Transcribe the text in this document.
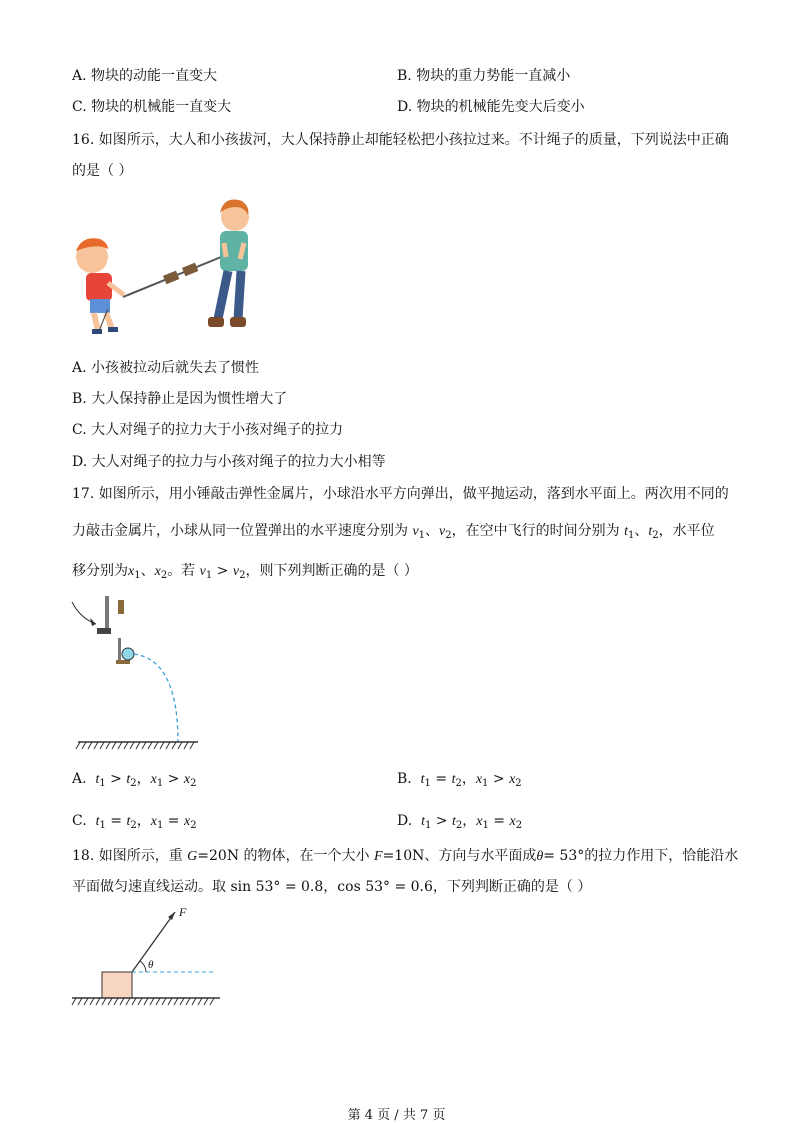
A. 物块的动能一直变大	B. 物块的重力势能一直减小
C. 物块的机械能一直变大	D. 物块的机械能先变大后变小
16. 如图所示，大人和小孩拔河，大人保持静止却能轻松把小孩拉过来。不计绳子的质量，下列说法中正确
的是（ ）
A. 小孩被拉动后就失去了惯性
B. 大人保持静止是因为惯性增大了
C. 大人对绳子的拉力大于小孩对绳子的拉力
D. 大人对绳子的拉力与小孩对绳子的拉力大小相等
17. 如图所示，用小锤敲击弹性金属片，小球沿水平方向弹出，做平抛运动，落到水平面上。两次用不同的
力敲击金属片，小球从同一位置弹出的水平速度分别为 $v_1$、$v_2$，在空中飞行的时间分别为 $t_1$、$t_2$，水平位
移分别为$x_1$、$x_2$。若 $v_1 > v_2$，则下列判断正确的是（ ）
A. $t_1 > t_2$，$x_1 > x_2$	B. $t_1 = t_2$，$x_1 > x_2$
C. $t_1 = t_2$，$x_1 = x_2$	D. $t_1 > t_2$，$x_1 = x_2$
18. 如图所示，重 G=20N 的物体，在一个大小 F=10N、方向与水平面成θ= 53°的拉力作用下，恰能沿水
平面做匀速直线运动。取 sin 53° = 0.8，cos 53° = 0.6，下列判断正确的是（ ）
F
θ
第 4 页 / 共 7 页
